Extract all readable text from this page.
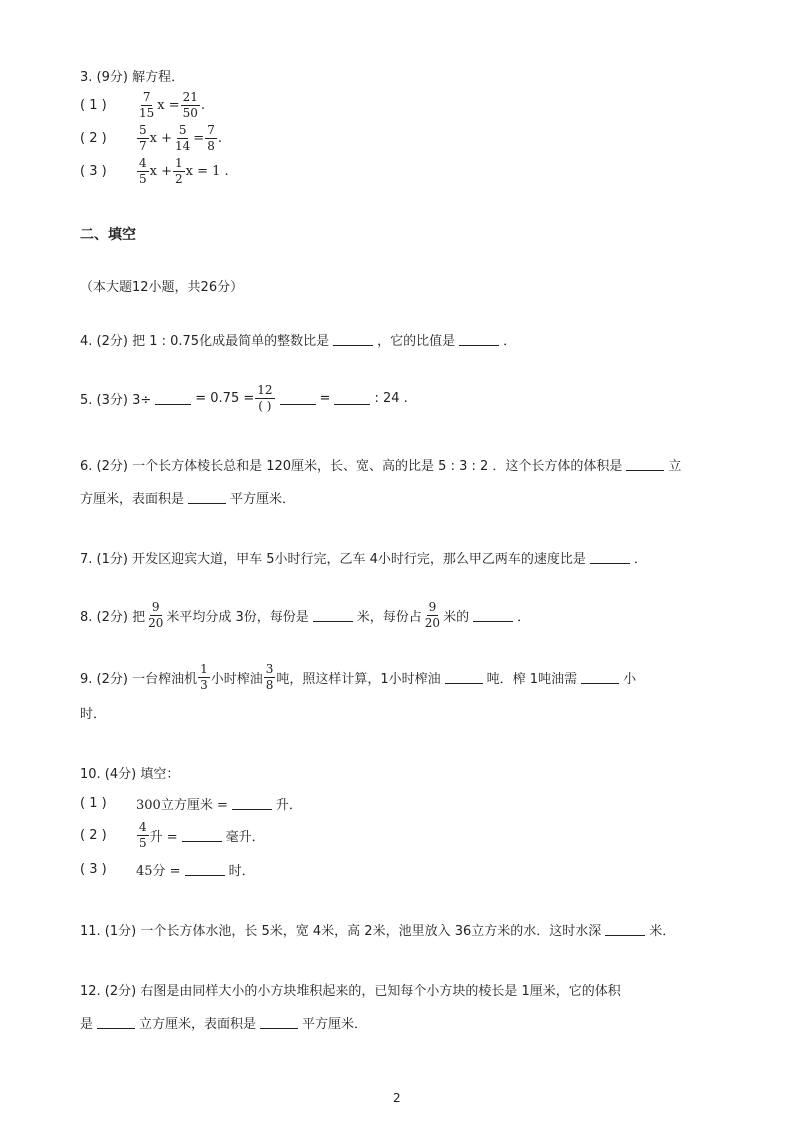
3. (9分) 解方程．
( 1 )	$\frac{7}{15}$ $x = \frac{21}{50}$ .
( 2 )	$\frac{5}{7}$ $x + \frac{5}{14} = \frac{7}{8}$ .
( 3 )	$\frac{4}{5}$ $x + \frac{1}{2}$ x = 1 .
二、填空
（本大题12小题，共26分）
4. (2分) 把 1 : 0.75化成最简单的整数比是	，它的比值是	．
5. (3分) 3÷	= $0.75 = \frac{12}{( )}$	=	: 24 .
6. (2分) 一个长方体棱长总和是 120厘米，长、宽、高的比是 5 : 3 : 2 ．这个长方体的体积是	立
方厘米，表面积是	平方厘米．
7. (1分) 开发区迎宾大道，甲车 5小时行完，乙车 4小时行完，那么甲乙两车的速度比是	．
8. (2分) 把 $\frac{9}{20}$ 米平均分成 3份，每份是	米，每份占 $\frac{9}{20}$ 米的	．
9. (2分) 一台榨油机 $\frac{1}{3}$ 小时榨油 $\frac{3}{8}$ 吨，照这样计算，1小时榨油	吨．榨 1吨油需	小
时．
10. (4分) 填空：
( 1 )	300立方厘米 =	升．
( 2 )	$\frac{4}{5}$ 升 =	毫升．
( 3 )	45分 =	时．
11. (1分) 一个长方体水池，长 5米，宽 4米，高 2米，池里放入 36立方米的水．这时水深	米．
12. (2分) 右图是由同样大小的小方块堆积起来的，已知每个小方块的棱长是 1厘米，它的体积
是	立方厘米，表面积是	平方厘米．
2
